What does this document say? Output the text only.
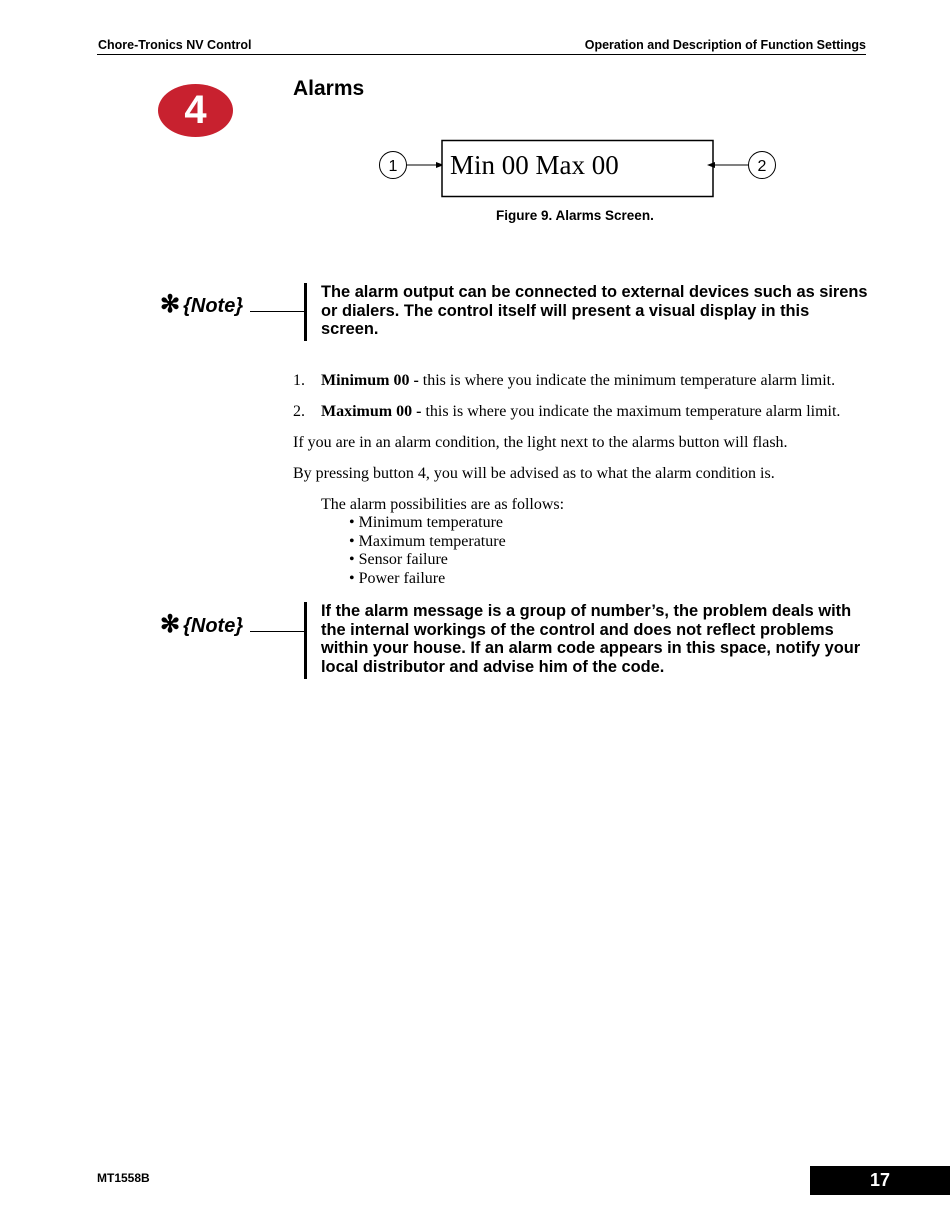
Chore-Tronics NV Control	Operation and Description of Function Settings
4	Alarms
1 Min 00 Max 00	2
Figure 9. Alarms Screen.
✻ {Note}
The alarm output can be connected to external devices such as sirens or dialers. The control itself will present a visual display in this screen.
1. Minimum 00 - this is where you indicate the minimum temperature alarm limit.
2. Maximum 00 - this is where you indicate the maximum temperature alarm limit.
If you are in an alarm condition, the light next to the alarms button will flash.
By pressing button 4, you will be advised as to what the alarm condition is.
The alarm possibilities are as follows:
• Minimum temperature
• Maximum temperature
• Sensor failure
• Power failure
✻ {Note}
If the alarm message is a group of number’s, the problem deals with the internal workings of the control and does not reflect problems within your house. If an alarm code appears in this space, notify your local distributor and advise him of the code.
MT1558B	17
